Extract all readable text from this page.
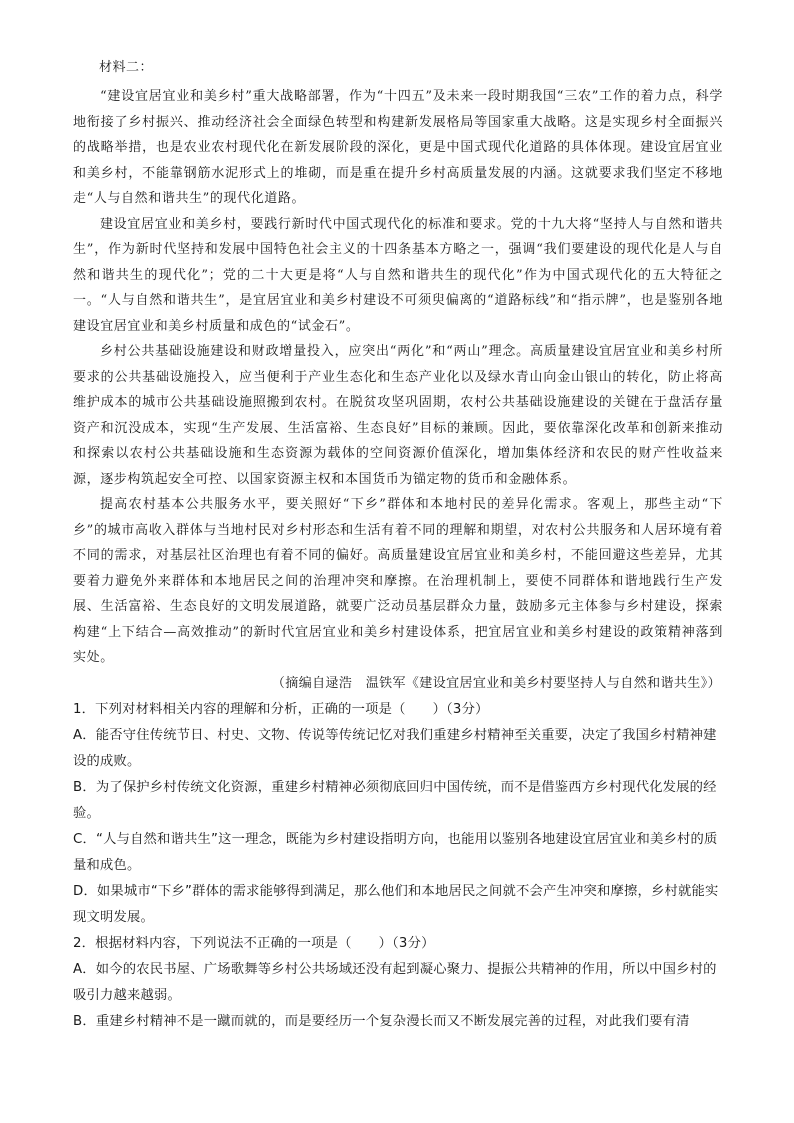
材料二：

“建设宜居宜业和美乡村”重大战略部署，作为“十四五”及未来一段时期我国“三农”工作的着力点，科学地衔接了乡村振兴、推动经济社会全面绿色转型和构建新发展格局等国家重大战略。这是实现乡村全面振兴的战略举措，也是农业农村现代化在新发展阶段的深化，更是中国式现代化道路的具体体现。建设宜居宜业和美乡村，不能靠钢筋水泥形式上的堆砌，而是重在提升乡村高质量发展的内涵。这就要求我们坚定不移地走“人与自然和谐共生”的现代化道路。

建设宜居宜业和美乡村，要践行新时代中国式现代化的标准和要求。党的十九大将“坚持人与自然和谐共生”，作为新时代坚持和发展中国特色社会主义的十四条基本方略之一，强调“我们要建设的现代化是人与自然和谐共生的现代化”；党的二十大更是将“人与自然和谐共生的现代化”作为中国式现代化的五大特征之一。“人与自然和谐共生”，是宜居宜业和美乡村建设不可须臾偏离的“道路标线”和“指示牌”，也是鉴别各地建设宜居宜业和美乡村质量和成色的“试金石”。

乡村公共基础设施建设和财政增量投入，应突出“两化”和“两山”理念。高质量建设宜居宜业和美乡村所要求的公共基础设施投入，应当便利于产业生态化和生态产业化以及绿水青山向金山银山的转化，防止将高维护成本的城市公共基础设施照搬到农村。在脱贫攻坚巩固期，农村公共基础设施建设的关键在于盘活存量资产和沉没成本，实现“生产发展、生活富裕、生态良好”目标的兼顾。因此，要依靠深化改革和创新来推动和探索以农村公共基础设施和生态资源为载体的空间资源价值深化，增加集体经济和农民的财产性收益来源，逐步构筑起安全可控、以国家资源主权和本国货币为锚定物的货币和金融体系。

提高农村基本公共服务水平，要关照好“下乡”群体和本地村民的差异化需求。客观上，那些主动“下乡”的城市高收入群体与当地村民对乡村形态和生活有着不同的理解和期望，对农村公共服务和人居环境有着不同的需求，对基层社区治理也有着不同的偏好。高质量建设宜居宜业和美乡村，不能回避这些差异，尤其要着力避免外来群体和本地居民之间的治理冲突和摩擦。在治理机制上，要使不同群体和谐地践行生产发展、生活富裕、生态良好的文明发展道路，就要广泛动员基层群众力量，鼓励多元主体参与乡村建设，探索构建“上下结合—高效推动”的新时代宜居宜业和美乡村建设体系，把宜居宜业和美乡村建设的政策精神落到实处。

（摘编自逯浩　温铁军《建设宜居宜业和美乡村要坚持人与自然和谐共生》）

1．下列对材料相关内容的理解和分析，正确的一项是（　　）（3分）

A．能否守住传统节日、村史、文物、传说等传统记忆对我们重建乡村精神至关重要，决定了我国乡村精神建设的成败。

B．为了保护乡村传统文化资源，重建乡村精神必须彻底回归中国传统，而不是借鉴西方乡村现代化发展的经验。

C．“人与自然和谐共生”这一理念，既能为乡村建设指明方向，也能用以鉴别各地建设宜居宜业和美乡村的质量和成色。

D．如果城市“下乡”群体的需求能够得到满足，那么他们和本地居民之间就不会产生冲突和摩擦，乡村就能实现文明发展。

2．根据材料内容，下列说法不正确的一项是（　　）（3分）

A．如今的农民书屋、广场歌舞等乡村公共场域还没有起到凝心聚力、提振公共精神的作用，所以中国乡村的吸引力越来越弱。

B．重建乡村精神不是一蹴而就的，而是要经历一个复杂漫长而又不断发展完善的过程，对此我们要有清
